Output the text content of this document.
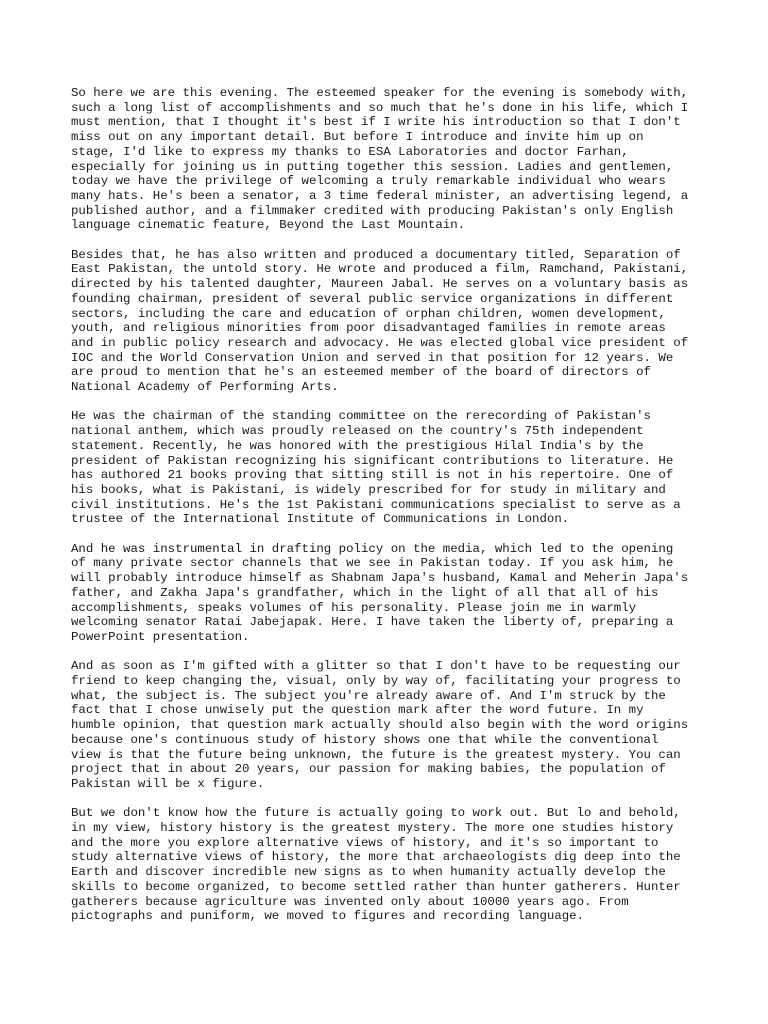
So here we are this evening. The esteemed speaker for the evening is somebody with,
such a long list of accomplishments and so much that he's done in his life, which I
must mention, that I thought it's best if I write his introduction so that I don't
miss out on any important detail. But before I introduce and invite him up on
stage, I'd like to express my thanks to ESA Laboratories and doctor Farhan,
especially for joining us in putting together this session. Ladies and gentlemen,
today we have the privilege of welcoming a truly remarkable individual who wears
many hats. He's been a senator, a 3 time federal minister, an advertising legend, a
published author, and a filmmaker credited with producing Pakistan's only English
language cinematic feature, Beyond the Last Mountain.

Besides that, he has also written and produced a documentary titled, Separation of
East Pakistan, the untold story. He wrote and produced a film, Ramchand, Pakistani,
directed by his talented daughter, Maureen Jabal. He serves on a voluntary basis as
founding chairman, president of several public service organizations in different
sectors, including the care and education of orphan children, women development,
youth, and religious minorities from poor disadvantaged families in remote areas
and in public policy research and advocacy. He was elected global vice president of
IOC and the World Conservation Union and served in that position for 12 years. We
are proud to mention that he's an esteemed member of the board of directors of
National Academy of Performing Arts.

He was the chairman of the standing committee on the rerecording of Pakistan's
national anthem, which was proudly released on the country's 75th independent
statement. Recently, he was honored with the prestigious Hilal India's by the
president of Pakistan recognizing his significant contributions to literature. He
has authored 21 books proving that sitting still is not in his repertoire. One of
his books, what is Pakistani, is widely prescribed for for study in military and
civil institutions. He's the 1st Pakistani communications specialist to serve as a
trustee of the International Institute of Communications in London.

And he was instrumental in drafting policy on the media, which led to the opening
of many private sector channels that we see in Pakistan today. If you ask him, he
will probably introduce himself as Shabnam Japa's husband, Kamal and Meherin Japa's
father, and Zakha Japa's grandfather, which in the light of all that all of his
accomplishments, speaks volumes of his personality. Please join me in warmly
welcoming senator Ratai Jabejapak. Here. I have taken the liberty of, preparing a
PowerPoint presentation.

And as soon as I'm gifted with a glitter so that I don't have to be requesting our
friend to keep changing the, visual, only by way of, facilitating your progress to
what, the subject is. The subject you're already aware of. And I'm struck by the
fact that I chose unwisely put the question mark after the word future. In my
humble opinion, that question mark actually should also begin with the word origins
because one's continuous study of history shows one that while the conventional
view is that the future being unknown, the future is the greatest mystery. You can
project that in about 20 years, our passion for making babies, the population of
Pakistan will be x figure.

But we don't know how the future is actually going to work out. But lo and behold,
in my view, history history is the greatest mystery. The more one studies history
and the more you explore alternative views of history, and it's so important to
study alternative views of history, the more that archaeologists dig deep into the
Earth and discover incredible new signs as to when humanity actually develop the
skills to become organized, to become settled rather than hunter gatherers. Hunter
gatherers because agriculture was invented only about 10000 years ago. From
pictographs and puniform, we moved to figures and recording language.
